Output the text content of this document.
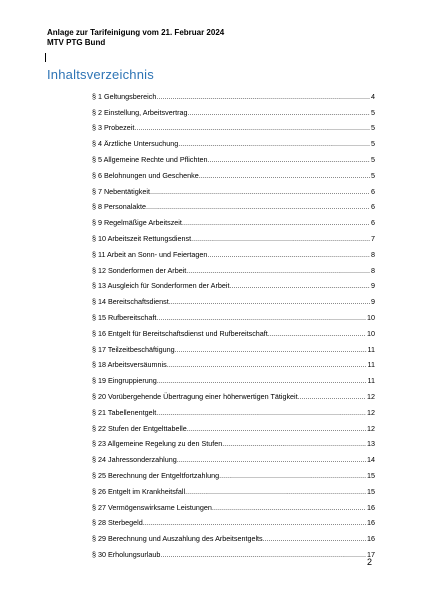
Anlage zur Tarifeinigung vom 21. Februar 2024
MTV PTG Bund
Inhaltsverzeichnis
§ 1 Geltungsbereich .....	4
§ 2 Einstellung, Arbeitsvertrag .....	5
§ 3 Probezeit .....	5
§ 4 Ärztliche Untersuchung .....	5
§ 5 Allgemeine Rechte und Pflichten .....	5
§ 6 Belohnungen und Geschenke .....	5
§ 7 Nebentätigkeit .....	6
§ 8 Personalakte .....	6
§ 9 Regelmäßige Arbeitszeit .....	6
§ 10 Arbeitszeit Rettungsdienst .....	7
§ 11 Arbeit an Sonn- und Feiertagen .....	8
§ 12 Sonderformen der Arbeit .....	8
§ 13 Ausgleich für Sonderformen der Arbeit .....	9
§ 14 Bereitschaftsdienst .....	9
§ 15 Rufbereitschaft .....	10
§ 16 Entgelt für Bereitschaftsdienst und Rufbereitschaft .....	10
§ 17 Teilzeitbeschäftigung .....	11
§ 18 Arbeitsversäumnis .....	11
§ 19 Eingruppierung .....	11
§ 20 Vorübergehende Übertragung einer höherwertigen Tätigkeit .....	12
§ 21 Tabellenentgelt .....	12
§ 22 Stufen der Entgelttabelle .....	12
§ 23 Allgemeine Regelung zu den Stufen .....	13
§ 24 Jahressonderzahlung .....	14
§ 25 Berechnung der Entgeltfortzahlung .....	15
§ 26 Entgelt im Krankheitsfall .....	15
§ 27 Vermögenswirksame Leistungen .....	16
§ 28 Sterbegeld .....	16
§ 29 Berechnung und Auszahlung des Arbeitsentgelts .....	16
§ 30 Erholungsurlaub .....	17
2
